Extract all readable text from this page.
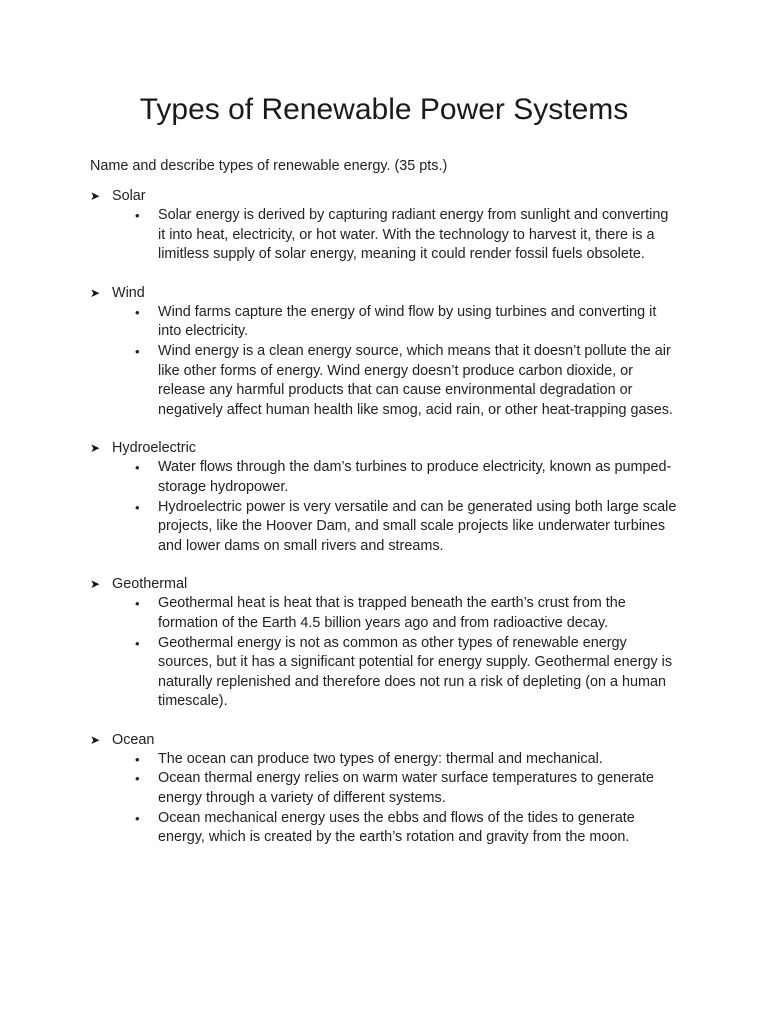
Types of Renewable Power Systems

Name and describe types of renewable energy. (35 pts.)

➤ Solar
• Solar energy is derived by capturing radiant energy from sunlight and converting it into heat, electricity, or hot water. With the technology to harvest it, there is a limitless supply of solar energy, meaning it could render fossil fuels obsolete.
➤ Wind
• Wind farms capture the energy of wind flow by using turbines and converting it into electricity.
• Wind energy is a clean energy source, which means that it doesn’t pollute the air like other forms of energy. Wind energy doesn’t produce carbon dioxide, or release any harmful products that can cause environmental degradation or negatively affect human health like smog, acid rain, or other heat-trapping gases.
➤ Hydroelectric
• Water flows through the dam’s turbines to produce electricity, known as pumped-storage hydropower.
• Hydroelectric power is very versatile and can be generated using both large scale projects, like the Hoover Dam, and small scale projects like underwater turbines and lower dams on small rivers and streams.
➤ Geothermal
• Geothermal heat is heat that is trapped beneath the earth’s crust from the formation of the Earth 4.5 billion years ago and from radioactive decay.
• Geothermal energy is not as common as other types of renewable energy sources, but it has a significant potential for energy supply. Geothermal energy is naturally replenished and therefore does not run a risk of depleting (on a human timescale).
➤ Ocean
• The ocean can produce two types of energy: thermal and mechanical.
• Ocean thermal energy relies on warm water surface temperatures to generate energy through a variety of different systems.
• Ocean mechanical energy uses the ebbs and flows of the tides to generate energy, which is created by the earth’s rotation and gravity from the moon.
